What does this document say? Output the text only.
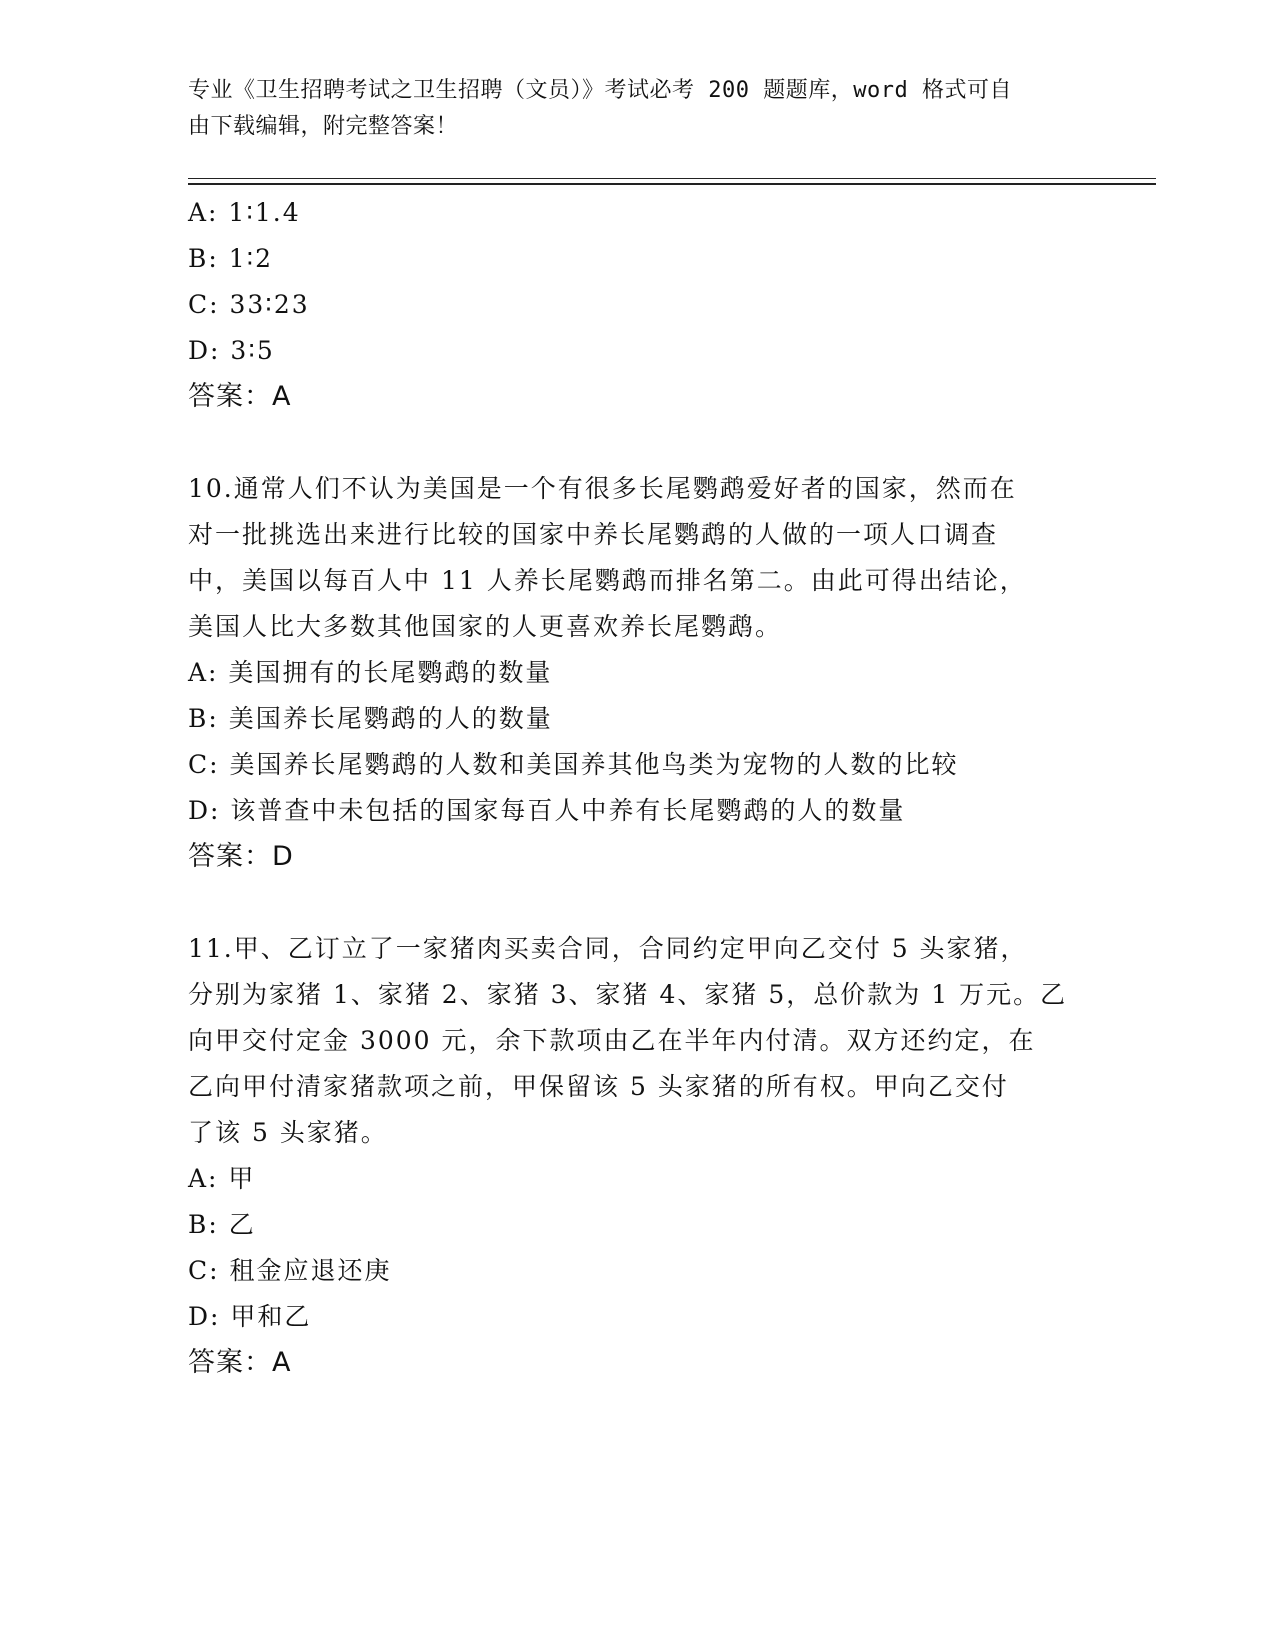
专业《卫生招聘考试之卫生招聘（文员）》考试必考 200 题题库，word 格式可自
由下载编辑，附完整答案！
A: 1∶1.4
B: 1∶2
C: 33∶23
D: 3∶5
答案：A
10.通常人们不认为美国是一个有很多长尾鹦鹉爱好者的国家，然而在
对一批挑选出来进行比较的国家中养长尾鹦鹉的人做的一项人口调查
中，美国以每百人中 11 人养长尾鹦鹉而排名第二。由此可得出结论，
美国人比大多数其他国家的人更喜欢养长尾鹦鹉。
A: 美国拥有的长尾鹦鹉的数量
B: 美国养长尾鹦鹉的人的数量
C: 美国养长尾鹦鹉的人数和美国养其他鸟类为宠物的人数的比较
D: 该普查中未包括的国家每百人中养有长尾鹦鹉的人的数量
答案：D
11.甲、乙订立了一家猪肉买卖合同，合同约定甲向乙交付 5 头家猪，
分别为家猪 1、家猪 2、家猪 3、家猪 4、家猪 5，总价款为 1 万元。乙
向甲交付定金 3000 元，余下款项由乙在半年内付清。双方还约定，在
乙向甲付清家猪款项之前，甲保留该 5 头家猪的所有权。甲向乙交付
了该 5 头家猪。
A: 甲
B: 乙
C: 租金应退还庚
D: 甲和乙
答案：A
